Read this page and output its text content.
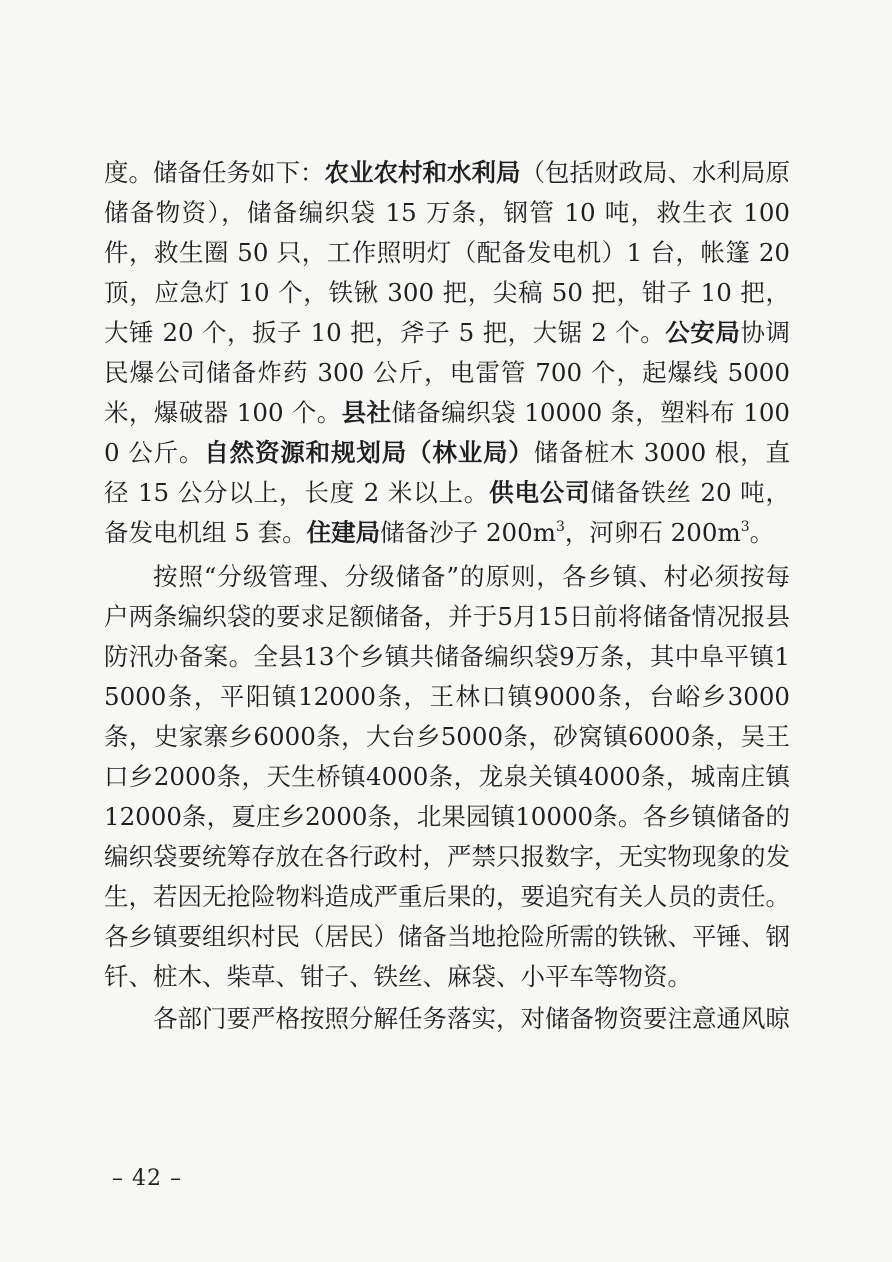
度。储备任务如下：农业农村和水利局（包括财政局、水利局原储备物资），储备编织袋 15 万条，钢管 10 吨，救生衣 100 件，救生圈 50 只，工作照明灯（配备发电机）1 台，帐篷 20 顶，应急灯 10 个，铁锹 300 把，尖稿 50 把，钳子 10 把，大锤 20 个，扳子 10 把，斧子 5 把，大锯 2 个。公安局协调民爆公司储备炸药 300 公斤，电雷管 700 个，起爆线 5000 米，爆破器 100 个。县社储备编织袋 10000 条，塑料布 1000 公斤。自然资源和规划局（林业局）储备桩木 3000 根，直径 15 公分以上，长度 2 米以上。供电公司储备铁丝 20 吨，备发电机组 5 套。住建局储备沙子 $200m^3$，河卵石 $200m^3$。

按照“分级管理、分级储备”的原则，各乡镇、村必须按每户两条编织袋的要求足额储备，并于5月15日前将储备情况报县防汛办备案。全县13个乡镇共储备编织袋9万条，其中阜平镇15000条，平阳镇12000条，王林口镇9000条，台峪乡3000条，史家寨乡6000条，大台乡5000条，砂窝镇6000条，吴王口乡2000条，天生桥镇4000条，龙泉关镇4000条，城南庄镇12000条，夏庄乡2000条，北果园镇10000条。各乡镇储备的编织袋要统筹存放在各行政村，严禁只报数字，无实物现象的发生，若因无抢险物料造成严重后果的，要追究有关人员的责任。各乡镇要组织村民（居民）储备当地抢险所需的铁锹、平锤、钢钎、桩木、柴草、钳子、铁丝、麻袋、小平车等物资。

各部门要严格按照分解任务落实，对储备物资要注意通风晾

– 42 –
